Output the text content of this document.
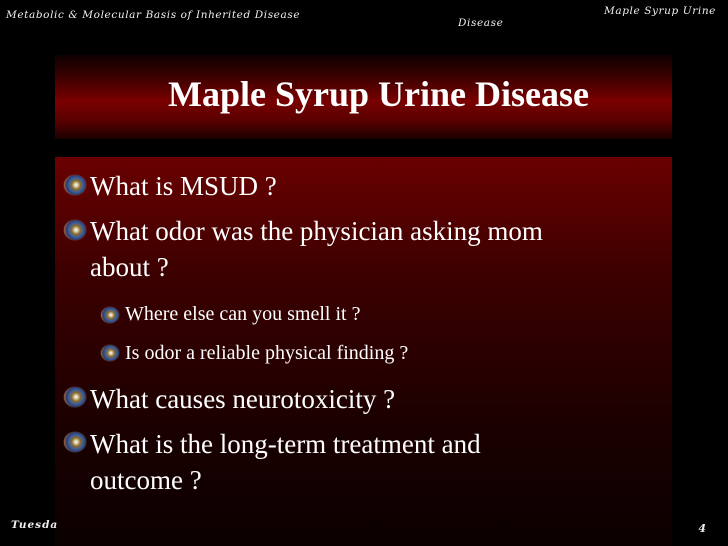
Metabolic & Molecular Basis of Inherited Disease	Maple Syrup Urine
Disease
Maple Syrup Urine Disease
What is MSUD ?
What odor was the physician asking mom
about ?
Where else can you smell it ?
Is odor a reliable physical finding ?
What causes neurotoxicity ?
What is the long-term treatment and
outcome ?
Tuesda	4
